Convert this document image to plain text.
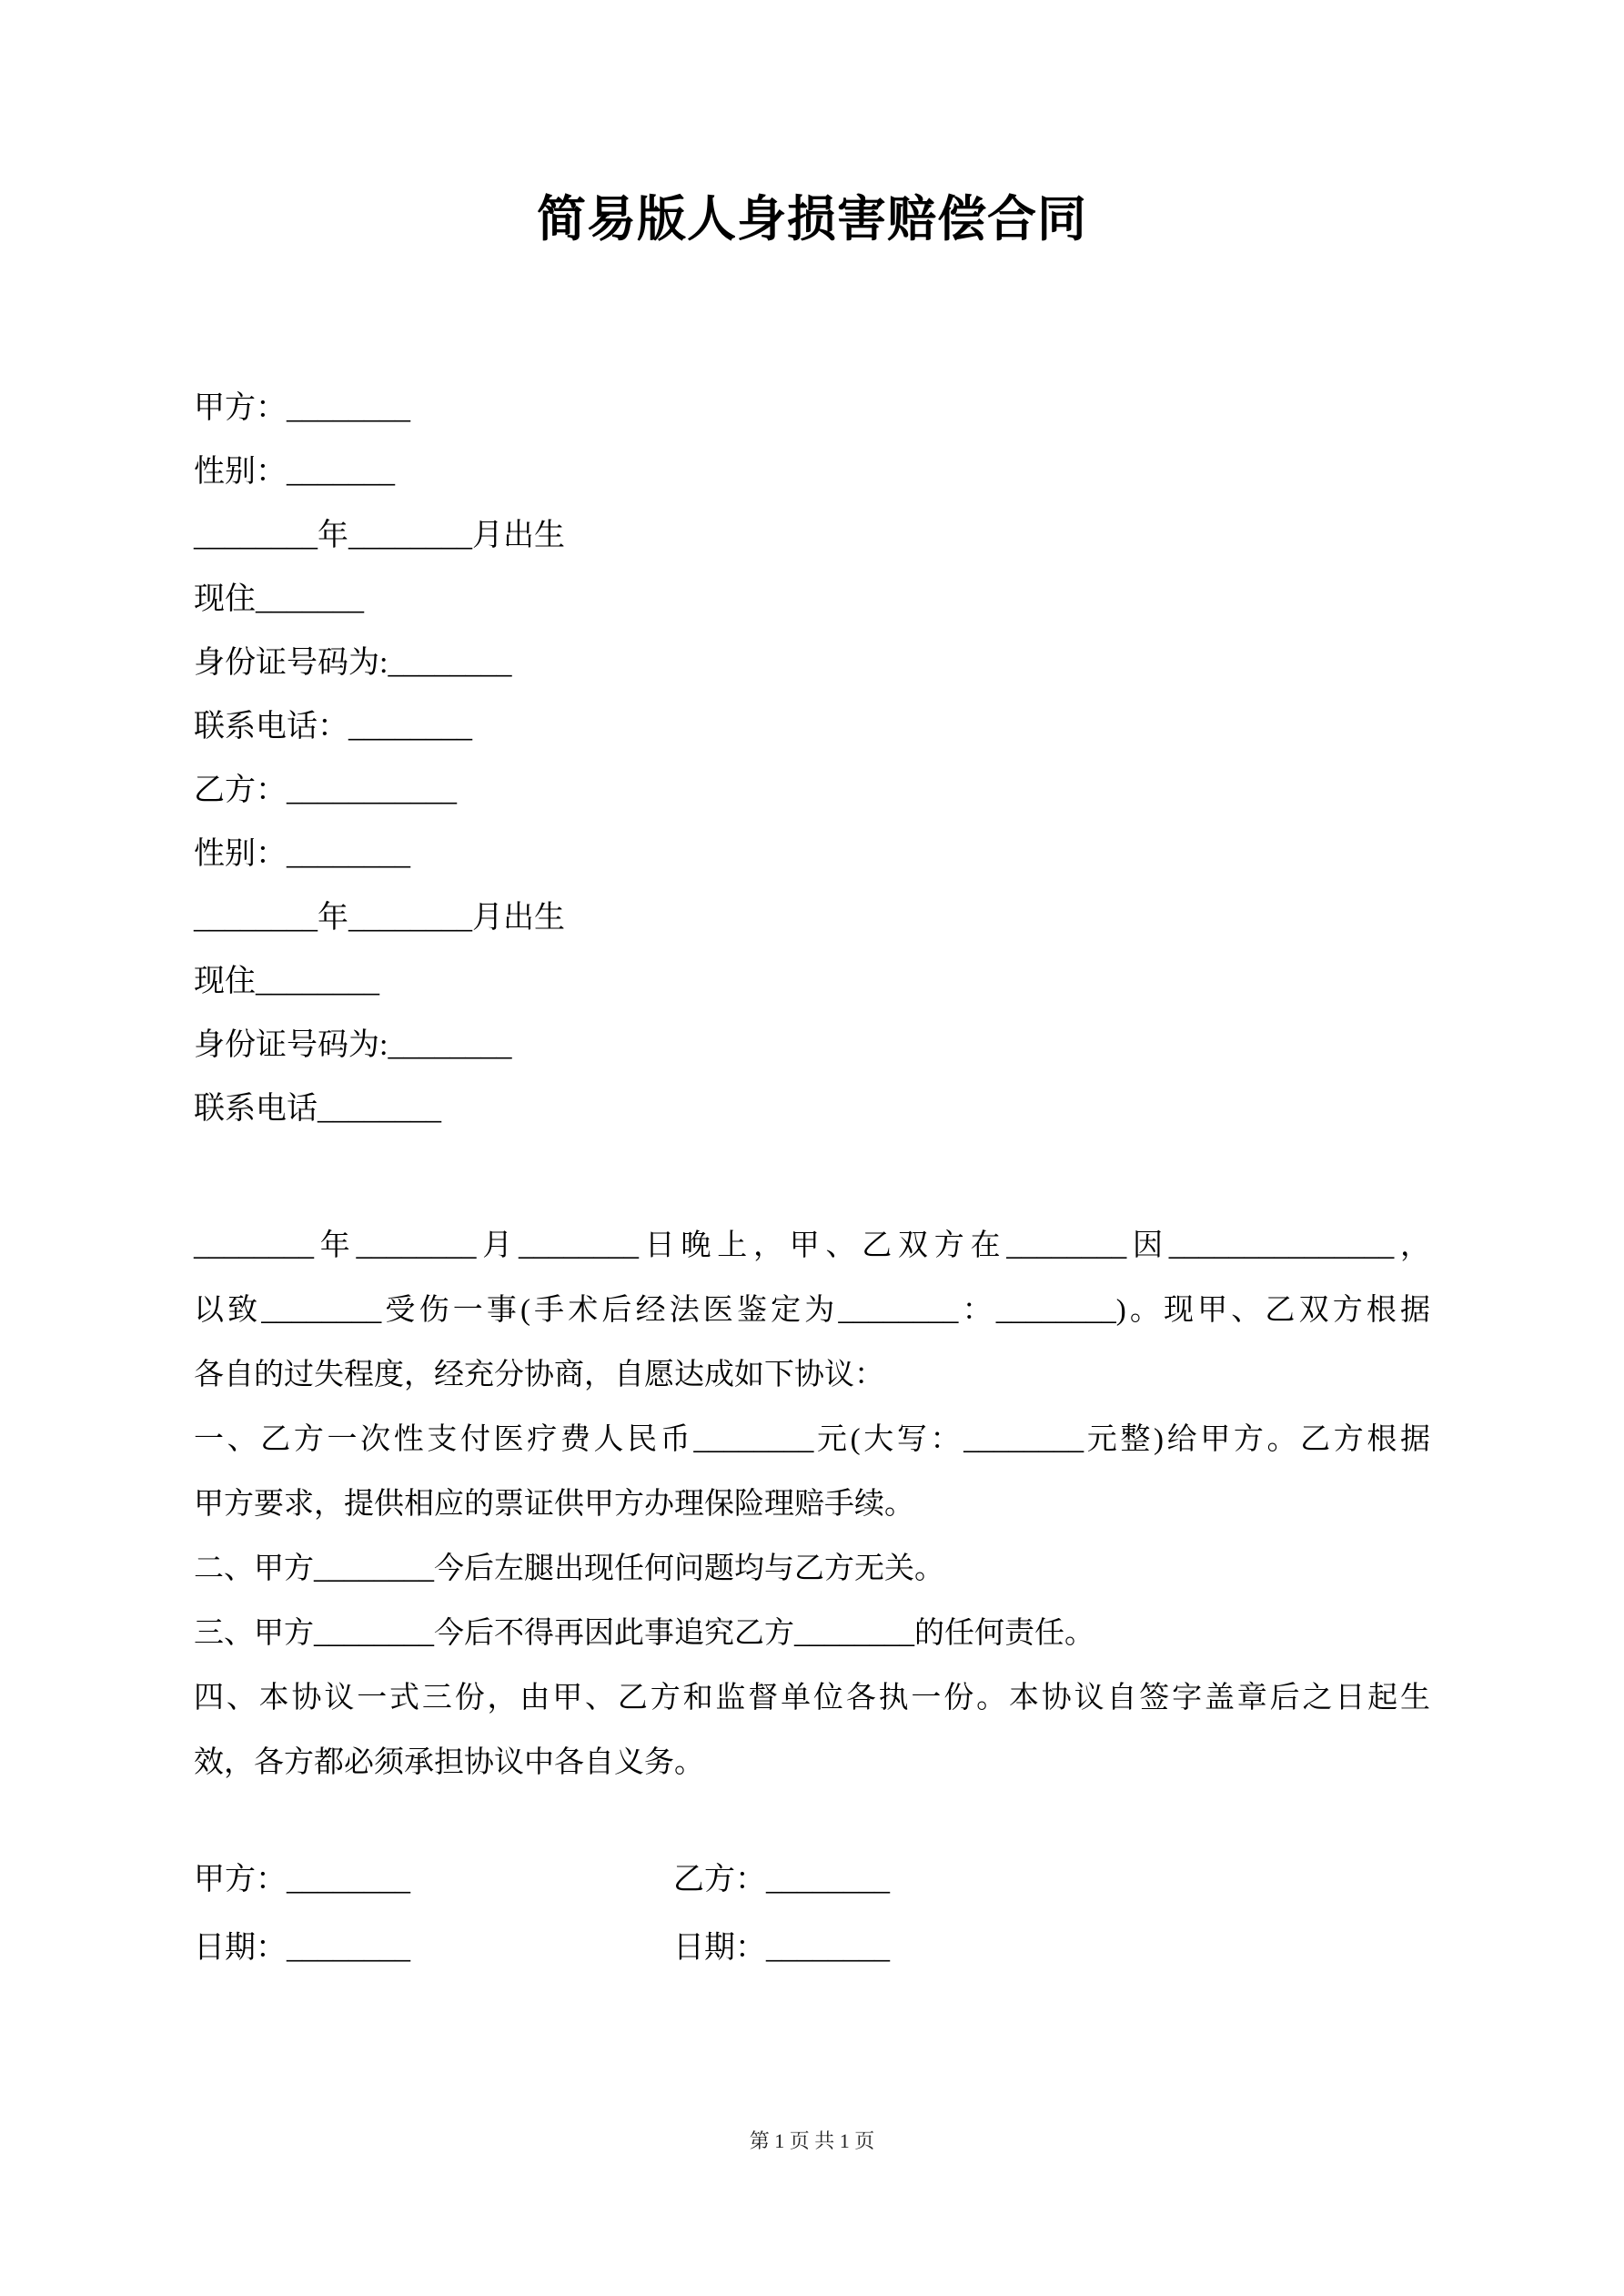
简易版人身损害赔偿合同
甲方：________
性别：_______
________年________月出生
现住_______
身份证号码为:________
联系电话：________
乙方：___________
性别：________
________年________月出生
现住________
身份证号码为:________
联系电话________
________年________月________日晚上，甲、乙双方在________因_______________，
以致________受伤一事(手术后经法医鉴定为________：________)。现甲、乙双方根据
各自的过失程度，经充分协商，自愿达成如下协议：
一、乙方一次性支付医疗费人民币________元(大写：________元整)给甲方。乙方根据
甲方要求，提供相应的票证供甲方办理保险理赔手续。
二、甲方________今后左腿出现任何问题均与乙方无关。
三、甲方________今后不得再因此事追究乙方________的任何责任。
四、本协议一式三份，由甲、乙方和监督单位各执一份。本协议自签字盖章后之日起生
效，各方都必须承担协议中各自义务。
甲方：________	乙方：________
日期：________	日期：________
第 1 页 共 1 页
